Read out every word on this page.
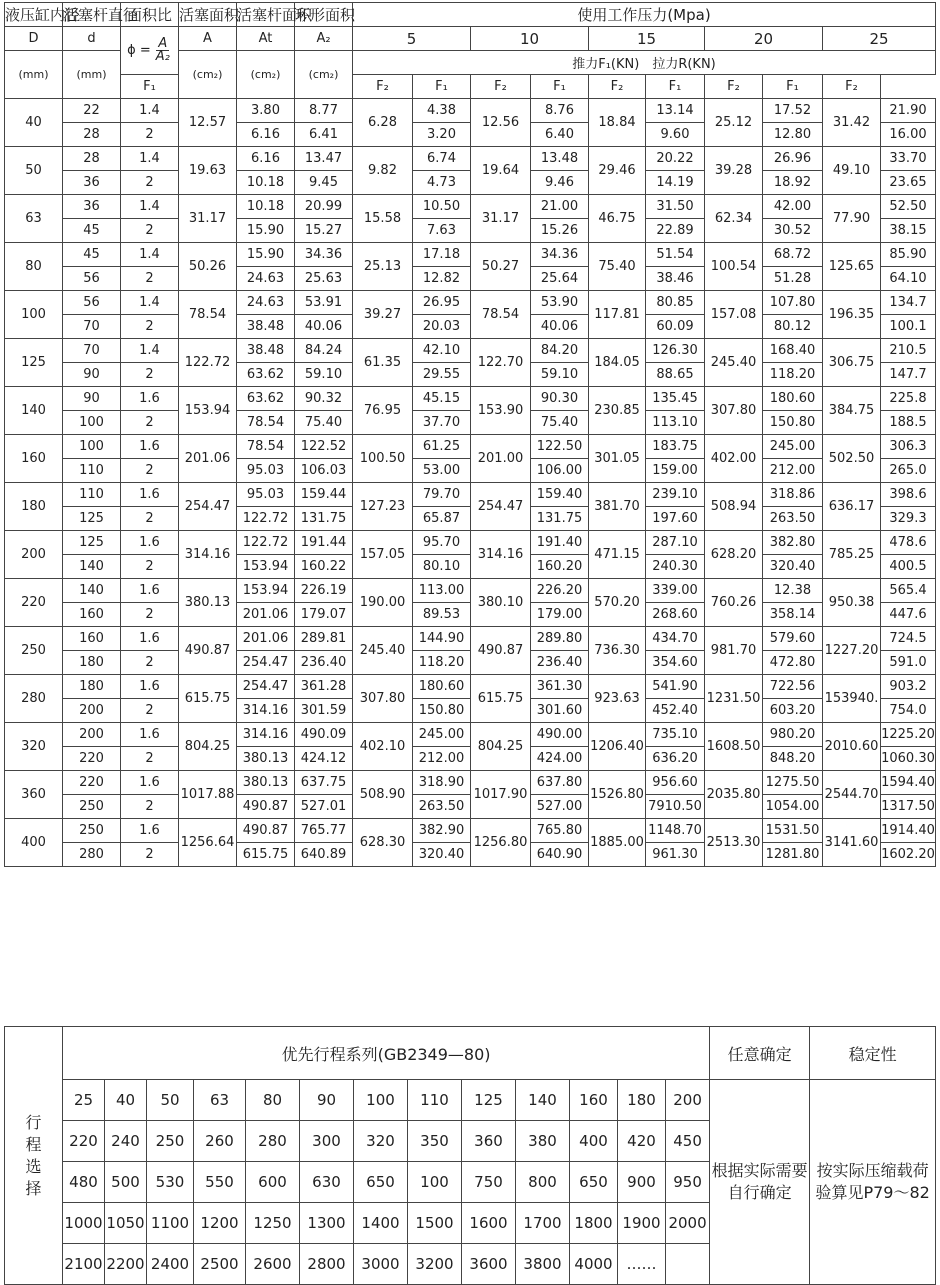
液压缸内径	活塞杆直径	面积比	活塞面积	活塞杆面积	环形面积	使用工作压力(Mpa)									
D	d	$\phi = \frac{A}{\text{A₂}}$	A	At	A₂	5		10		15		20		25	
(mm)	(mm)		(cm₂)	(cm₂)	(cm₂)	推力F₁(KN)　拉力R(KN)									
		F₁				F₂	F₁	F₂	F₁	F₂	F₁	F₂	F₁	F₂	
40	22	1.4	12.57	3.80	8.77	6.28	4.38	12.56	8.76	18.84	13.14	25.12	17.52	31.42	21.90
	28	2		6.16	6.41		3.20		6.40		9.60		12.80		16.00
50	28	1.4	19.63	6.16	13.47	9.82	6.74	19.64	13.48	29.46	20.22	39.28	26.96	49.10	33.70
	36	2		10.18	9.45		4.73		9.46		14.19		18.92		23.65
63	36	1.4	31.17	10.18	20.99	15.58	10.50	31.17	21.00	46.75	31.50	62.34	42.00	77.90	52.50
	45	2		15.90	15.27		7.63		15.26		22.89		30.52		38.15
80	45	1.4	50.26	15.90	34.36	25.13	17.18	50.27	34.36	75.40	51.54	100.54	68.72	125.65	85.90
	56	2		24.63	25.63		12.82		25.64		38.46		51.28		64.10
100	56	1.4	78.54	24.63	53.91	39.27	26.95	78.54	53.90	117.81	80.85	157.08	107.80	196.35	134.7
	70	2		38.48	40.06		20.03		40.06		60.09		80.12		100.1
125	70	1.4	122.72	38.48	84.24	61.35	42.10	122.70	84.20	184.05	126.30	245.40	168.40	306.75	210.5
	90	2		63.62	59.10		29.55		59.10		88.65		118.20		147.7
140	90	1.6	153.94	63.62	90.32	76.95	45.15	153.90	90.30	230.85	135.45	307.80	180.60	384.75	225.8
	100	2		78.54	75.40		37.70		75.40		113.10		150.80		188.5
160	100	1.6	201.06	78.54	122.52	100.50	61.25	201.00	122.50	301.05	183.75	402.00	245.00	502.50	306.3
	110	2		95.03	106.03		53.00		106.00		159.00		212.00		265.0
180	110	1.6	254.47	95.03	159.44	127.23	79.70	254.47	159.40	381.70	239.10	508.94	318.86	636.17	398.6
	125	2		122.72	131.75		65.87		131.75		197.60		263.50		329.3
200	125	1.6	314.16	122.72	191.44	157.05	95.70	314.16	191.40	471.15	287.10	628.20	382.80	785.25	478.6
	140	2		153.94	160.22		80.10		160.20		240.30		320.40		400.5
220	140	1.6	380.13	153.94	226.19	190.00	113.00	380.10	226.20	570.20	339.00	760.26	12.38	950.38	565.4
	160	2		201.06	179.07		89.53		179.00		268.60		358.14		447.6
250	160	1.6	490.87	201.06	289.81	245.40	144.90	490.87	289.80	736.30	434.70	981.70	579.60	1227.20	724.5
	180	2		254.47	236.40		118.20		236.40		354.60		472.80		591.0
280	180	1.6	615.75	254.47	361.28	307.80	180.60	615.75	361.30	923.63	541.90	1231.50	722.56	153940.	903.2
	200	2		314.16	301.59		150.80		301.60		452.40		603.20		754.0
320	200	1.6	804.25	314.16	490.09	402.10	245.00	804.25	490.00	1206.40	735.10	1608.50	980.20	2010.60	1225.20
	220	2		380.13	424.12		212.00		424.00		636.20		848.20		1060.30
360	220	1.6	1017.88	380.13	637.75	508.90	318.90	1017.90	637.80	1526.80	956.60	2035.80	1275.50	2544.70	1594.40
	250	2		490.87	527.01		263.50		527.00		7910.50		1054.00		1317.50
400	250	1.6	1256.64	490.87	765.77	628.30	382.90	1256.80	765.80	1885.00	1148.70	2513.30	1531.50	3141.60	1914.40
	280	2		615.75	640.89		320.40		640.90		961.30		1281.80		1602.20
行
程
选
择	优先行程系列(GB2349—80)													任意确定	稳定性
	25	40	50	63	80	90	100	110	125	140	160	180	200	根据实际需要自行确定	按实际压缩载荷验算见P79～82
	220	240	250	260	280	300	320	350	360	380	400	420	450		
	480	500	530	550	600	630	650	100	750	800	650	900	950		
	1000	1050	1100	1200	1250	1300	1400	1500	1600	1700	1800	1900	2000		
	2100	2200	2400	2500	2600	2800	3000	3200	3600	3800	4000	……			
